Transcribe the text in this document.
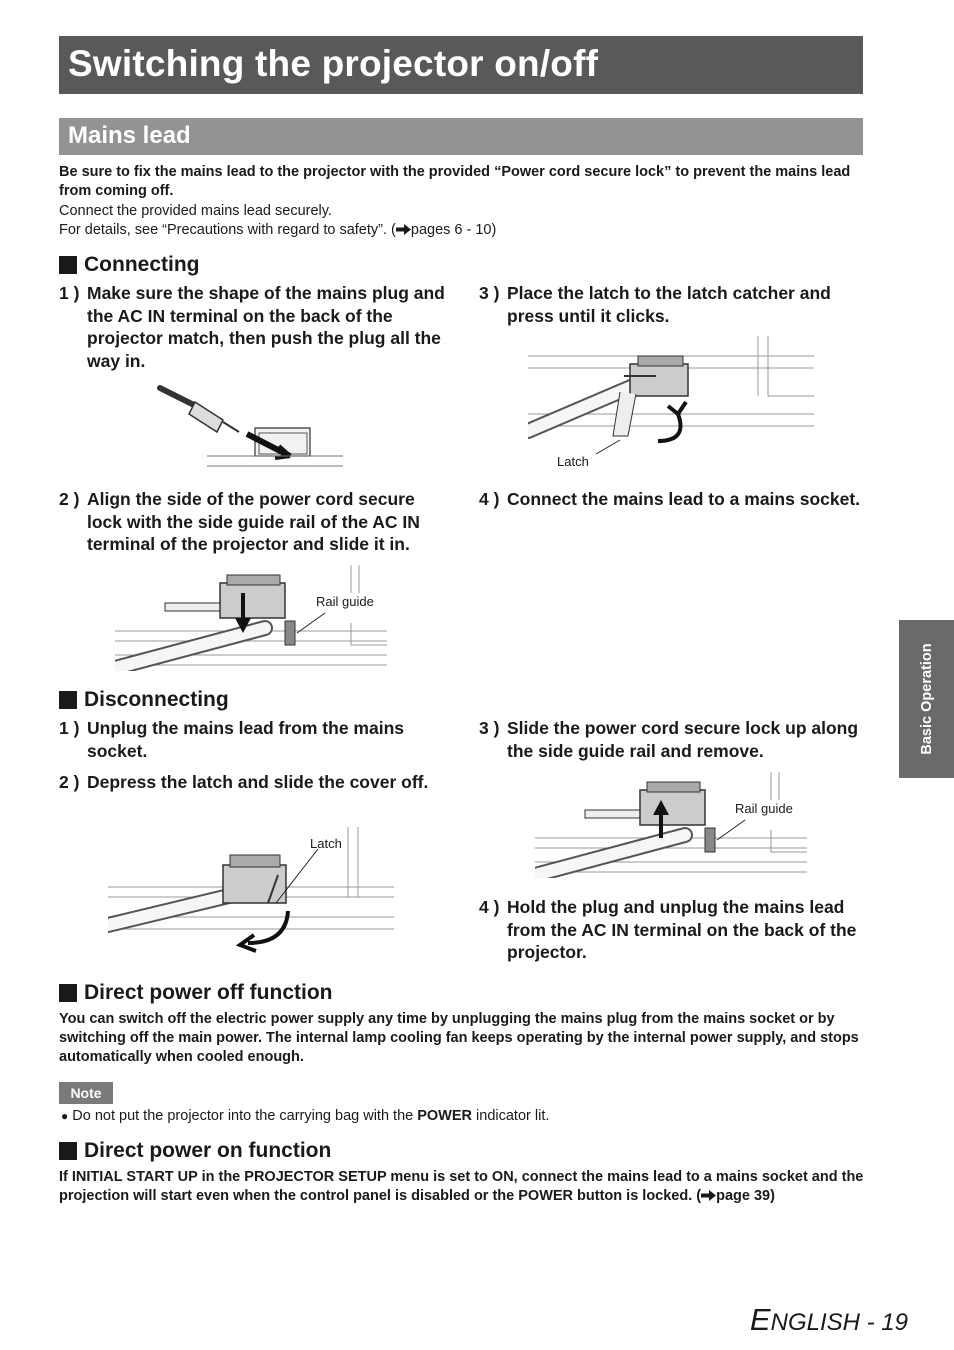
Switching the projector on/off
Mains lead
Be sure to fix the mains lead to the projector with the provided “Power cord secure lock” to prevent the mains lead from coming off.
Connect the provided mains lead securely.
For details, see “Precautions with regard to safety”. ( pages 6 - 10)
Connecting
1 ) Make sure the shape of the mains plug and the AC IN terminal on the back of the projector match, then push the plug all the way in.
3 ) Place the latch to the latch catcher and press until it clicks.
Latch
2 ) Align the side of the power cord secure lock with the side guide rail of the AC IN terminal of the projector and slide it in.
4 ) Connect the mains lead to a mains socket.
Rail guide
Disconnecting
1 ) Unplug the mains lead from the mains socket.
2 ) Depress the latch and slide the cover off.
3 ) Slide the power cord secure lock up along the side guide rail and remove.
Rail guide
Latch
4 ) Hold the plug and unplug the mains lead from the AC IN terminal on the back of the projector.
Direct power off function
You can switch off the electric power supply any time by unplugging the mains plug from the mains socket or by switching off the main power. The internal lamp cooling fan keeps operating by the internal power supply, and stops automatically when cooled enough.
Note
● Do not put the projector into the carrying bag with the POWER indicator lit.
Direct power on function
If INITIAL START UP in the PROJECTOR SETUP menu is set to ON, connect the mains lead to a mains socket and the projection will start even when the control panel is disabled or the POWER button is locked. ( page 39)
Basic Operation
ENGLISH - 19
